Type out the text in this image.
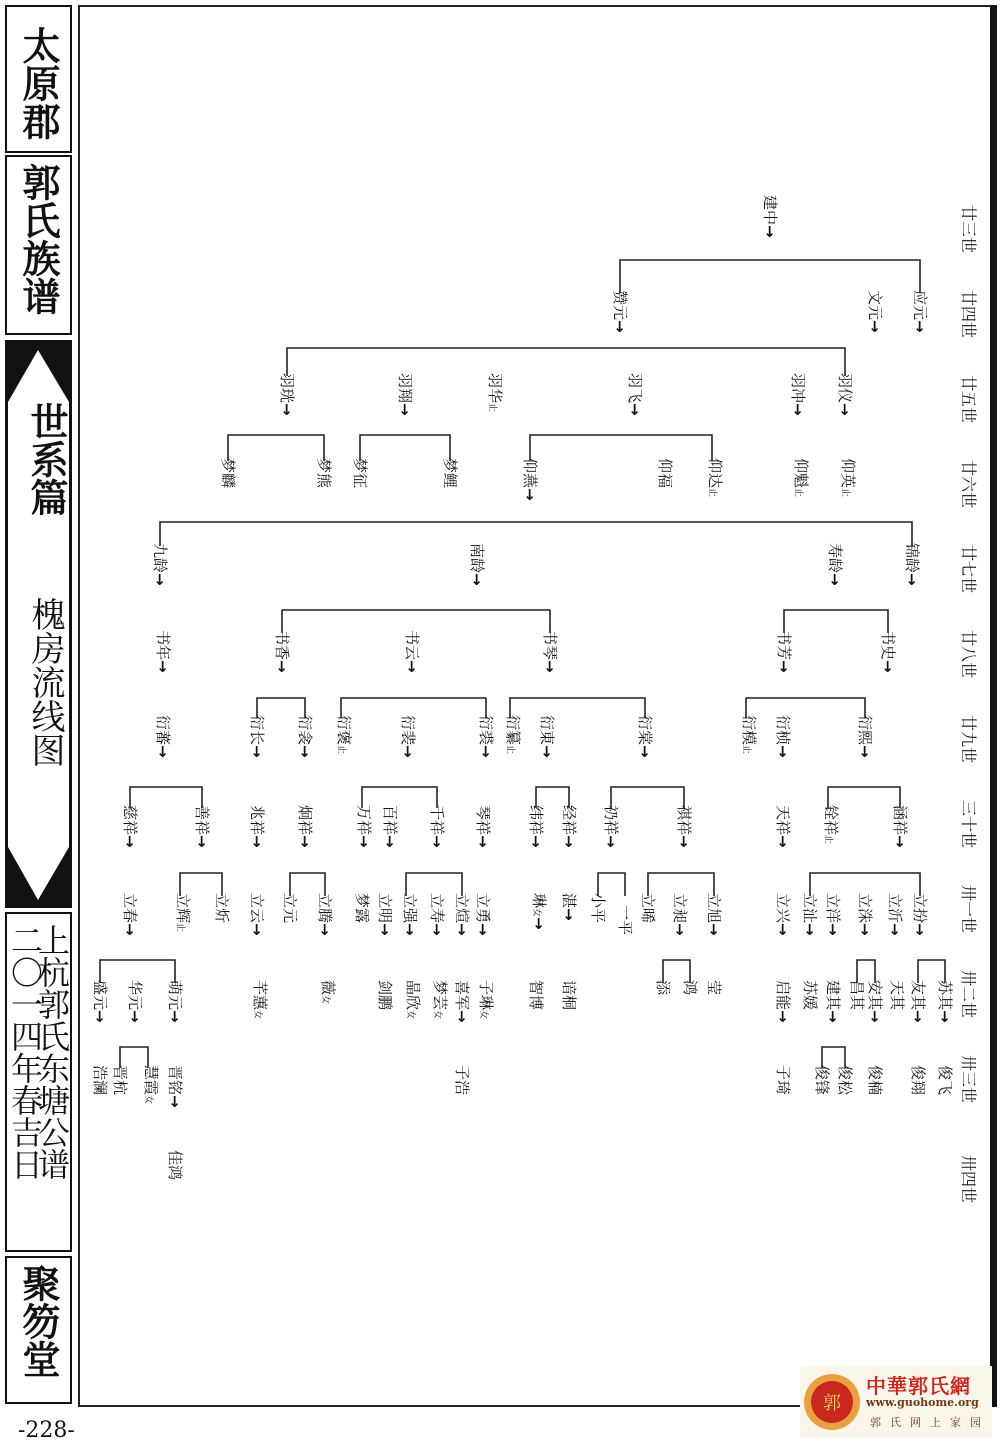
太原郡
郭氏族谱
世系篇
槐房流线图
上杭郭氏东塘公谱
二〇一四年春吉日
聚笏堂
-228-
建中 →
应元 →
文元 →
赞元 →
羽仪 →
羽冲 →
羽飞 →
羽华止
羽翔 →
羽珖 →
仰英止
仰魁止
仰达止
仰福
仰燕 →
梦鲤
梦征
梦熊
梦麟
锦龄 →
寿龄 →
南龄 →
九龄 →
书史 →
书芳 →
书琴 →
书云 →
书香 →
书年 →
衍熙 →
衍桢 →
衍模止
衍棠 →
衍東 →
衍纂止
衍裘 →
衍裴 →
衍褒止
衍衾 →
衍长 →
衍蕃 →
涵祥 →
铨祥止
天祥 →
祺祥 →
礽祥 →
经祥 →
纬祥 →
琴祥 →
千祥 →
百祥 →
万祥 →
炯祥 →
兆祥 →
善祥 →
慈祥 →
立扮 →
立沂 →
立洙 →
立洋 →
立沚 →
立兴 →
立旭 →
立昶 →
立晞
一平
小平
湛 →
琳女 →
立勇 →
立煊 →
立寿 →
立强 →
立明 →
梦露
立腾 →
立元
立云 →
立炘
立辉止
立春 →
苏其 →
友其 →
天其
安其 →
昌其
建其 →
苏媛
启能 →
莹
鸿
添
谙桐
智博
子琳女
喜军 →
梦芸女
晶欣女
剑鹏
薇女
芊蕙女
萌元 →
华元 →
盛元 →
俊飞
俊翔
俊楠
俊松
俊锋
子琦
子浩
晋铭 →
慧霞女
晋杭
浩澜
佳鸿
廿三世
廿四世
廿五世
廿六世
廿七世
廿八世
廿九世
三十世
卅一世
卅二世
卅三世
卅四世
郭
中華郭氏網
www.guohome.org
郭氏网上家园
